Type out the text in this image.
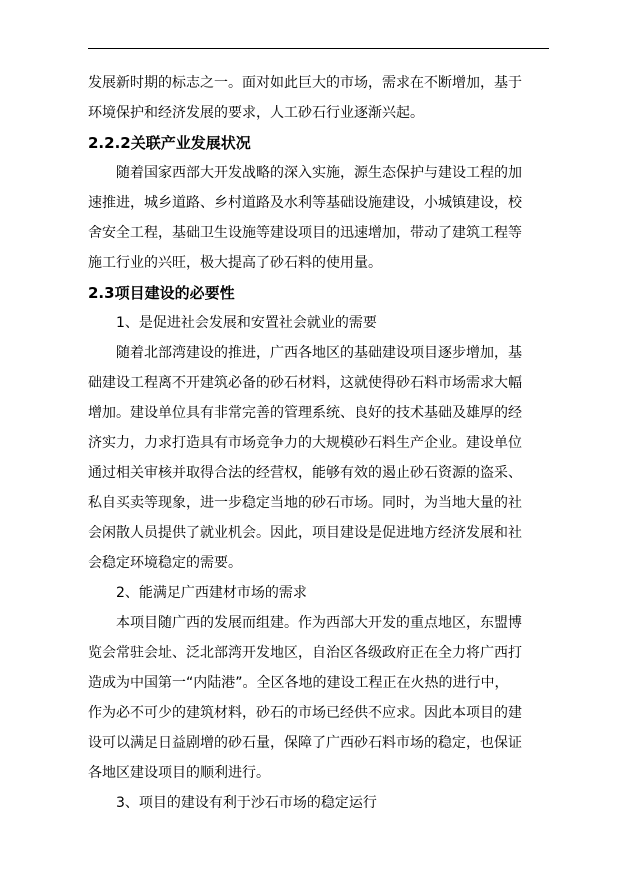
发展新时期的标志之一。面对如此巨大的市场，需求在不断增加，基于
环境保护和经济发展的要求，人工砂石行业逐渐兴起。
2.2.2关联产业发展状况
随着国家西部大开发战略的深入实施，源生态保护与建设工程的加
速推进，城乡道路、乡村道路及水利等基础设施建设，小城镇建设，校
舍安全工程，基础卫生设施等建设项目的迅速增加，带动了建筑工程等
施工行业的兴旺，极大提高了砂石料的使用量。
2.3项目建设的必要性
1、是促进社会发展和安置社会就业的需要
随着北部湾建设的推进，广西各地区的基础建设项目逐步增加，基
础建设工程离不开建筑必备的砂石材料，这就使得砂石料市场需求大幅
增加。建设单位具有非常完善的管理系统、良好的技术基础及雄厚的经
济实力，力求打造具有市场竞争力的大规模砂石料生产企业。建设单位
通过相关审核并取得合法的经营权，能够有效的遏止砂石资源的盗采、
私自买卖等现象，进一步稳定当地的砂石市场。同时，为当地大量的社
会闲散人员提供了就业机会。因此，项目建设是促进地方经济发展和社
会稳定环境稳定的需要。
2、能满足广西建材市场的需求
本项目随广西的发展而组建。作为西部大开发的重点地区，东盟博
览会常驻会址、泛北部湾开发地区，自治区各级政府正在全力将广西打
造成为中国第一“内陆港”。全区各地的建设工程正在火热的进行中，
作为必不可少的建筑材料，砂石的市场已经供不应求。因此本项目的建
设可以满足日益剧增的砂石量，保障了广西砂石料市场的稳定，也保证
各地区建设项目的顺利进行。
3、项目的建设有利于沙石市场的稳定运行
